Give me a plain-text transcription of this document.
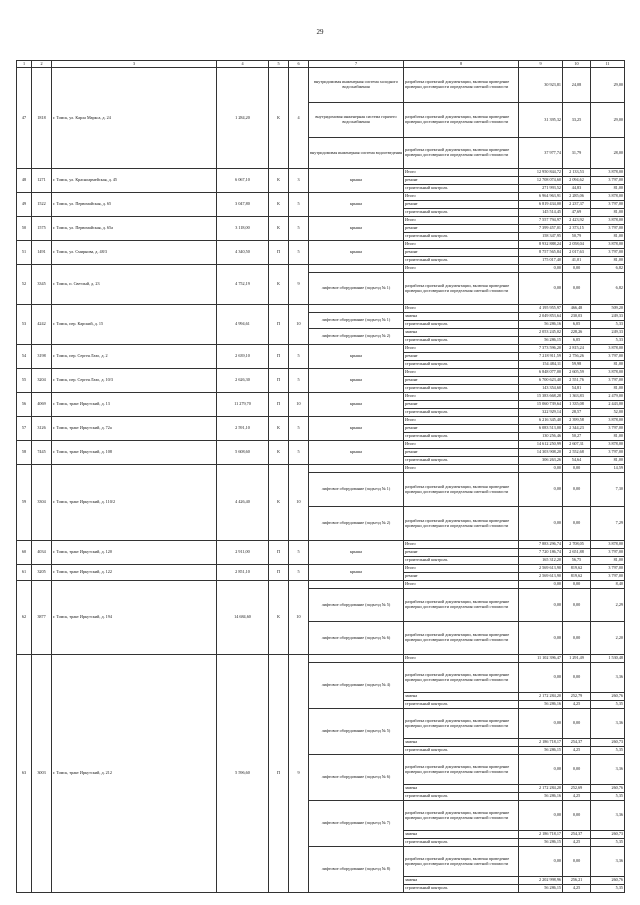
29
1	2	3	4	5	6	7	8	9	10	11
47	1818	г. Томск, ул. Карла Маркса, д. 24	1 284,20	К	4	внутридомовая инженерная система холодного водоснабжения	разработка проектной документации, включая проведение проверки достоверности определения сметной стоимости	30 923,81	24,08	29,00
						внутридомовая инженерная система горячего водоснабжения	разработка проектной документации, включая проведение проверки достоверности определения сметной стоимости	31 395,32	33,25	29,00
						внутридомовая инженерная система водоотведения	разработка проектной документации, включая проведение проверки достоверности определения сметной стоимости	37 977,74	31,79	28,00
48	1271	г. Томск, ул. Красноармейская, д. 45	6 067,10	К	3	крыша	Итого	12 950 844,72	2 133,53	3 878,00
							ремонт	12 708 074,60	2 094,62	3 797,00
							строительный контроль	271 993,52	44,83	81,00
49	1522	г. Томск, ул. Первомайская, д. 65	3 047,80	К	5	крыша	Итого	6 964 963,91	2 285,06	3 878,00
							ремонт	6 819 434,00	2 237,37	3 797,00
							строительный контроль	145 514,45	47,69	81,00
50	1575	г. Томск, ул. Первомайская, д. 65а	3 118,00	К	5	крыша	Итого	7 557 794,97	2 423,92	3 878,00
							ремонт	7 399 457,01	2 373,15	3 797,00
							строительный контроль	158 347,95	50,79	81,00
51	1491	г. Томск, ул. Смирнова, д. 48/3	4 340,50	П	5	крыша	Итого	8 932 888,24	2 058,04	3 878,00
							ремонт	8 757 565,84	2 017,63	3 797,00
							строительный контроль	175 017,40	41,01	81,00
52	3345	г. Томск, п. Светлый, д. 23	4 752,19	К	9		Итого	0,00	0,00	6,82
						лифтовое оборудование (подъезд № 1)	разработка проектной документации, включая проведение проверки достоверности определения сметной стоимости	0,00	0,00	6,82
53	4242	г. Томск, пер. Карский, д. 15	4 994,61	П	10		Итого	4 195 955,97	466,48	509,20
						лифтовое оборудование (подъезд № 1)	замена	2 049 853,64	230,03	249,33
							строительный контроль	56 286,16	6,05	5,33
						лифтовое оборудование (подъезд № 2)	замена	2 053 245,02	228,26	249,33
							строительный контроль	56 286,15	6,05	5,33
54	3198	г. Томск, пер. Сергея Лазо, д. 2	2 639,10	П	5	крыша	Итого	7 373 596,20	2 815,24	3 878,00
							ремонт	7 218 911,59	2 756,26	3 797,00
							строительный контроль	154 484,11	59,98	81,00
55	3204	г. Томск, пер. Сергея Лазо, д. 10/3	2 626,30	П	5	крыша	Итого	6 848 077,00	2 605,59	3 878,00
							ремонт	6 700 623,40	2 551,76	3 797,00
							строительный контроль	143 354,60	54,81	81,00
56	4069	г. Томск, тракт Иркутский, д. 13	11 279,70	П	10	крыша	Итого	15 383 668,28	1 363,83	2 479,00
							ремонт	15 060 739,64	1 335,08	2 443,00
							строительный контроль	322 929,14	28,57	52,00
57	3126	г. Томск, тракт Иркутский, д. 72а	2 591,10	К	5	крыша	Итого	6 216 345,40	2 399,58	3 878,00
							ремонт	6 083 513,00	2 344,23	3 797,00
							строительный контроль	130 256,46	50,27	81,00
58	7445	г. Томск, тракт Иркутский, д. 108	5 608,60	К	5	крыша	Итого	14 612 250,99	2 607,31	3 878,00
							ремонт	14 303 908,20	2 552,68	3 797,00
							строительный контроль	306 263,26	54,64	81,00
59	3304	г. Томск, тракт Иркутский, д. 110/2	4 426,40	К	10		Итого	0,00	0,00	14,59
						лифтовое оборудование (подъезд № 1)	разработка проектной документации, включая проведение проверки достоверности определения сметной стоимости	0,00	0,00	7,30
						лифтовое оборудование (подъезд № 2)	разработка проектной документации, включая проведение проверки достоверности определения сметной стоимости	0,00	0,00	7,29
60	4034	г. Томск, тракт Иркутский, д. 120	2 911,00	П	5	крыша	Итого	7 883 296,74	2 708,05	3 878,00
							ремонт	7 720 186,74	2 651,88	3 797,00
							строительный контроль	165 312,20	56,75	81,00
61	3205	г. Томск, тракт Иркутский, д. 122	2 851,10	П	5	крыша	Итого	2 569 613,90	819,62	3 797,00
							ремонт	2 569 613,90	819,62	3 797,00
62	3877	г. Томск, тракт Иркутский, д. 194	14 684,60	К	10		Итого	0,00	0,00	8,40
						лифтовое оборудование (подъезд № 5)	разработка проектной документации, включая проведение проверки достоверности определения сметной стоимости	0,00	0,00	2,29
						лифтовое оборудование (подъезд № 6)	разработка проектной документации, включая проведение проверки достоверности определения сметной стоимости	0,00	0,00	2,20
63	3003	г. Томск, тракт Иркутский, д. 212	5 596,60	П	9		Итого	11 102 396,47	1 291,49	1 530,48
						лифтовое оборудование (подъезд № 4)	разработка проектной документации, включая проведение проверки достоверности определения сметной стоимости	0,00	0,00	3,36
							замена	2 172 284,20	252,79	260,76
							строительный контроль	56 286,16	4,25	5,35
						лифтовое оборудование (подъезд № 5)	разработка проектной документации, включая проведение проверки достоверности определения сметной стоимости	0,00	0,00	3,36
							замена	2 186 718,17	254,37	260,73
							строительный контроль	56 286,15	4,25	5,35
						лифтовое оборудование (подъезд № 6)	разработка проектной документации, включая проведение проверки достоверности определения сметной стоимости	0,00	0,00	3,36
							замена	2 172 284,20	252,69	260,76
							строительный контроль	56 286,16	4,25	5,35
						лифтовое оборудование (подъезд № 7)	разработка проектной документации, включая проведение проверки достоверности определения сметной стоимости	0,00	0,00	3,36
							замена	2 186 718,17	254,37	260,73
							строительный контроль	56 286,15	4,25	5,35
						лифтовое оборудование (подъезд № 8)	разработка проектной документации, включая проведение проверки достоверности определения сметной стоимости	0,00	0,00	3,36
							замена	2 202 998,96	256,21	260,76
							строительный контроль	56 286,15	4,25	5,35
